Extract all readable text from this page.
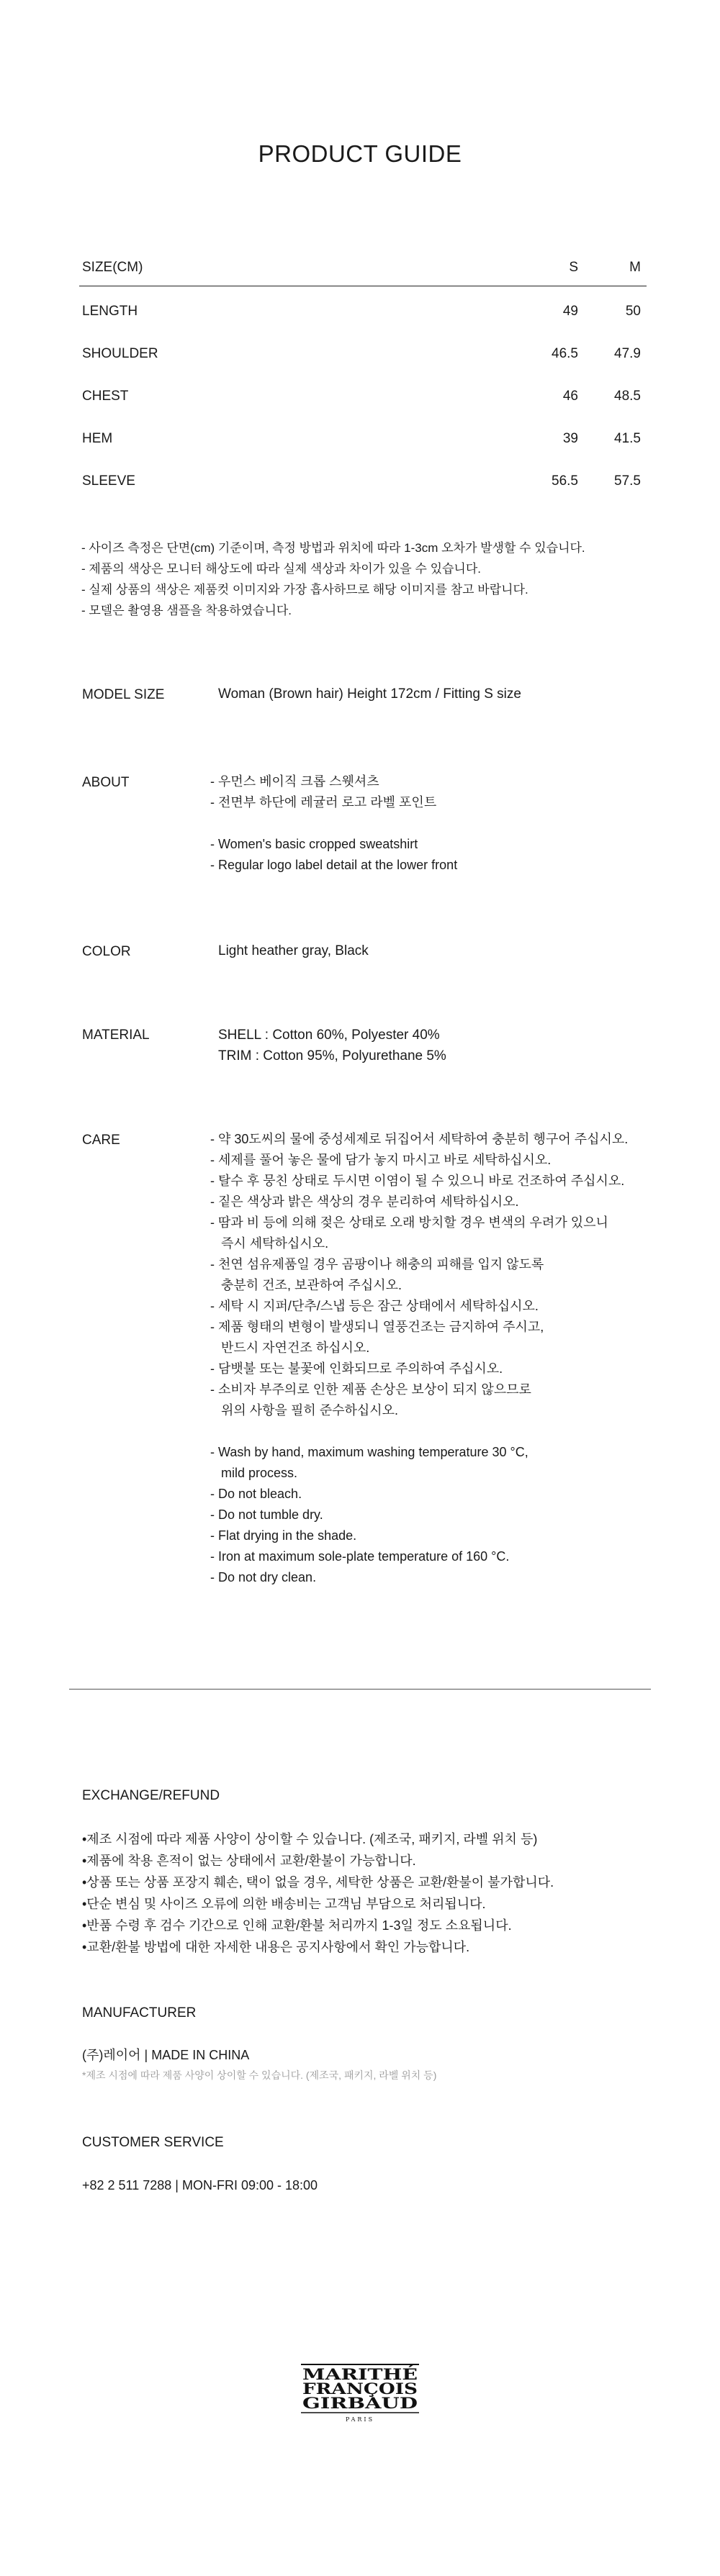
PRODUCT GUIDE
SIZE(CM)	S	M
LENGTH	49	50
SHOULDER	46.5	47.9
CHEST	46	48.5
HEM	39	41.5
SLEEVE	56.5	57.5
- 사이즈 측정은 단면(cm) 기준이며, 측정 방법과 위치에 따라 1-3cm 오차가 발생할 수 있습니다.
- 제품의 색상은 모니터 해상도에 따라 실제 색상과 차이가 있을 수 있습니다.
- 실제 상품의 색상은 제품컷 이미지와 가장 흡사하므로 해당 이미지를 참고 바랍니다.
- 모델은 촬영용 샘플을 착용하였습니다.
MODEL SIZE	Woman (Brown hair) Height 172cm / Fitting S size
ABOUT	- 우먼스 베이직 크롭 스웻셔츠
- 전면부 하단에 레귤러 로고 라벨 포인트

- Women's basic cropped sweatshirt
- Regular logo label detail at the lower front
COLOR	Light heather gray, Black
MATERIAL	SHELL : Cotton 60%, Polyester 40%
TRIM : Cotton 95%, Polyurethane 5%
CARE	- 약 30도씨의 물에 중성세제로 뒤집어서 세탁하여 충분히 헹구어 주십시오.
- 세제를 풀어 놓은 물에 담가 놓지 마시고 바로 세탁하십시오.
- 탈수 후 뭉친 상태로 두시면 이염이 될 수 있으니 바로 건조하여 주십시오.
- 짙은 색상과 밝은 색상의 경우 분리하여 세탁하십시오.
- 땀과 비 등에 의해 젖은 상태로 오래 방치할 경우 변색의 우려가 있으니
즉시 세탁하십시오.
- 천연 섬유제품일 경우 곰팡이나 해충의 피해를 입지 않도록
충분히 건조, 보관하여 주십시오.
- 세탁 시 지퍼/단추/스냅 등은 잠근 상태에서 세탁하십시오.
- 제품 형태의 변형이 발생되니 열풍건조는 금지하여 주시고,
반드시 자연건조 하십시오.
- 담뱃불 또는 불꽃에 인화되므로 주의하여 주십시오.
- 소비자 부주의로 인한 제품 손상은 보상이 되지 않으므로
위의 사항을 필히 준수하십시오.

- Wash by hand, maximum washing temperature 30 °C,
mild process.
- Do not bleach.
- Do not tumble dry.
- Flat drying in the shade.
- Iron at maximum sole-plate temperature of 160 °C.
- Do not dry clean.
EXCHANGE/REFUND
•제조 시점에 따라 제품 사양이 상이할 수 있습니다. (제조국, 패키지, 라벨 위치 등)
•제품에 착용 흔적이 없는 상태에서 교환/환불이 가능합니다.
•상품 또는 상품 포장지 훼손, 택이 없을 경우, 세탁한 상품은 교환/환불이 불가합니다.
•단순 변심 및 사이즈 오류에 의한 배송비는 고객님 부담으로 처리됩니다.
•반품 수령 후 검수 기간으로 인해 교환/환불 처리까지 1-3일 정도 소요됩니다.
•교환/환불 방법에 대한 자세한 내용은 공지사항에서 확인 가능합니다.
MANUFACTURER
(주)레이어 | MADE IN CHINA
*제조 시점에 따라 제품 사양이 상이할 수 있습니다. (제조국, 패키지, 라벨 위치 등)
CUSTOMER SERVICE
+82 2 511 7288 | MON-FRI 09:00 - 18:00
MARITHÉ
FRANÇOIS
GIRBAUD
PARIS
